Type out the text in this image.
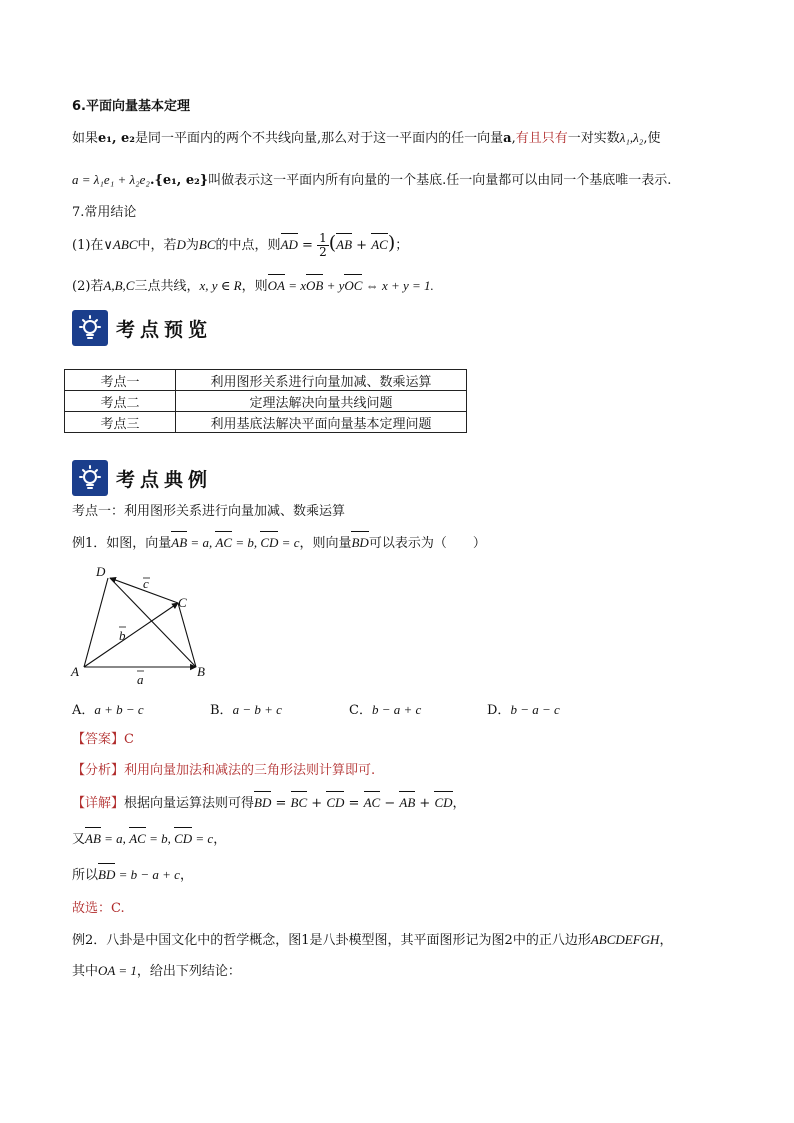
6.平面向量基本定理
如果e₁, e₂是同一平面内的两个不共线向量,那么对于这一平面内的任一向量a,有且只有一对实数λ₁,λ₂,使
a = λ₁e₁ + λ₂e₂.{e₁, e₂}叫做表示这一平面内所有向量的一个基底.任一向量都可以由同一个基底唯一表示.
7.常用结论
(1)在∨ABC中，若D为BC的中点，则AD = $\frac{1}{2} (AB + AC)$；
(2)若A,B,C三点共线，x, y ∈ R，则OA = xOB + yOC ⇔ x + y = 1.
考点预览
考点一	利用图形关系进行向量加减、数乘运算
考点二	定理法解决向量共线问题
考点三	利用基底法解决平面向量基本定理问题
考点典例
考点一：利用图形关系进行向量加减、数乘运算
例1．如图，向量AB = a, AC = b, CD = c，则向量BD可以表示为（　　）
D
C
A	B
a
b
c
A．a + b − c	B．a − b + c	C．b − a + c	D．b − a − c
【答案】C
【分析】利用向量加法和减法的三角形法则计算即可.
【详解】根据向量运算法则可得BD = BC + CD = AC − AB + CD，
又AB = a, AC = b, CD = c，
所以BD = b − a + c，
故选：C.
例2．八卦是中国文化中的哲学概念，图1是八卦模型图，其平面图形记为图2中的正八边形ABCDEFGH，
其中OA = 1，给出下列结论：
